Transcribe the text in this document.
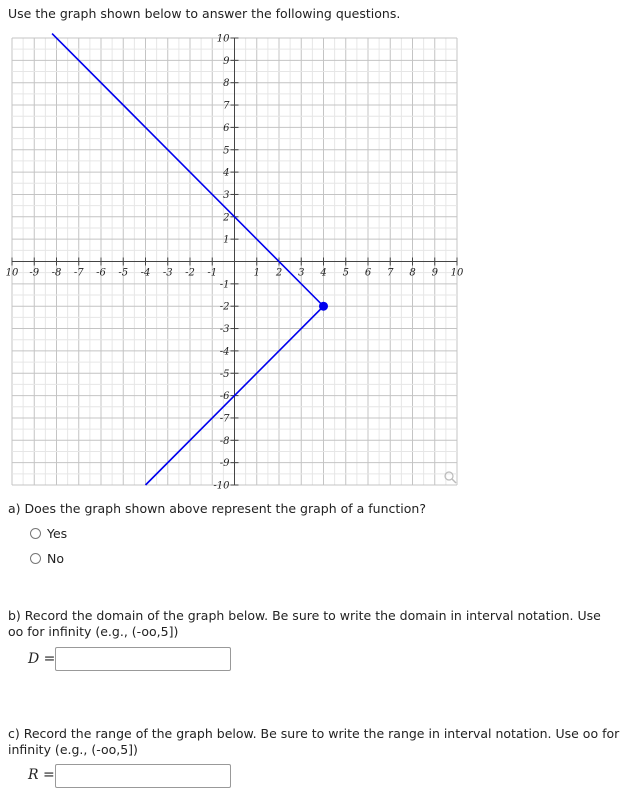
Use the graph shown below to answer the following questions.
10 -9 -8 -7 -6 -5 -4 -3 -2 -1	1 2 3 4 5 6 7 8 9 10
10
9
8
7
6
5
4
3
2
1
-1
-2
-3
-4
-5
-6
-7
-8
-9
-10
a) Does the graph shown above represent the graph of a function?
Yes
No
b) Record the domain of the graph below. Be sure to write the domain in interval notation. Use oo for infinity (e.g., (-oo,5])
D =
c) Record the range of the graph below. Be sure to write the range in interval notation. Use oo for infinity (e.g., (-oo,5])
R =
